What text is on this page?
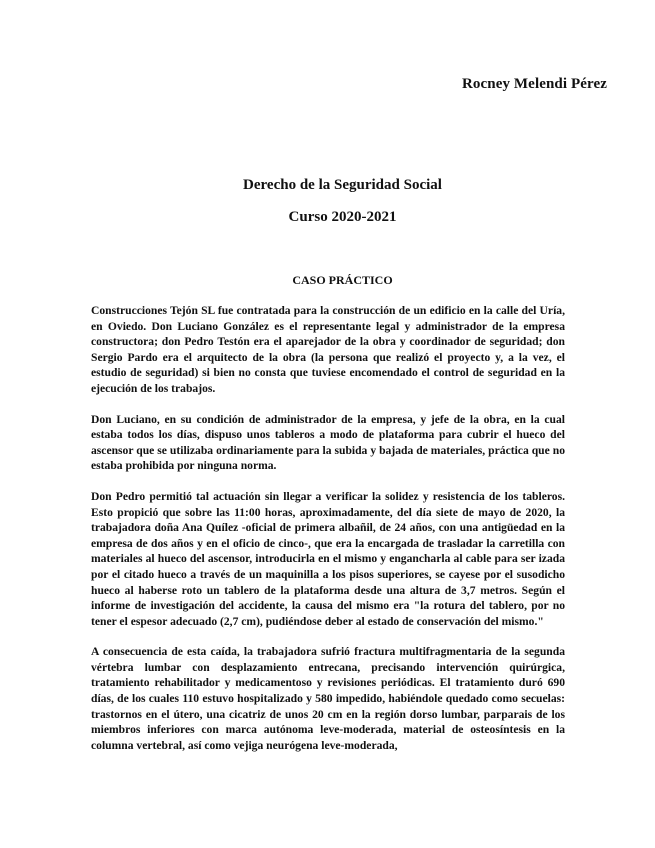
Rocney Melendi Pérez
Derecho de la Seguridad Social
Curso 2020-2021
CASO PRÁCTICO

Construcciones Tejón SL fue contratada para la construcción de un edificio en la calle del Uría, en Oviedo. Don Luciano González es el representante legal y administrador de la empresa constructora; don Pedro Testón era el aparejador de la obra y coordinador de seguridad; don Sergio Pardo era el arquitecto de la obra (la persona que realizó el proyecto y, a la vez, el estudio de seguridad) si bien no consta que tuviese encomendado el control de seguridad en la ejecución de los trabajos.

Don Luciano, en su condición de administrador de la empresa, y jefe de la obra, en la cual estaba todos los días, dispuso unos tableros a modo de plataforma para cubrir el hueco del ascensor que se utilizaba ordinariamente para la subida y bajada de materiales, práctica que no estaba prohibida por ninguna norma.

Don Pedro permitió tal actuación sin llegar a verificar la solidez y resistencia de los tableros. Esto propició que sobre las 11:00 horas, aproximadamente, del día siete de mayo de 2020, la trabajadora doña Ana Quílez -oficial de primera albañil, de 24 años, con una antigüedad en la empresa de dos años y en el oficio de cinco-, que era la encargada de trasladar la carretilla con materiales al hueco del ascensor, introducirla en el mismo y engancharla al cable para ser izada por el citado hueco a través de un maquinilla a los pisos superiores, se cayese por el susodicho hueco al haberse roto un tablero de la plataforma desde una altura de 3,7 metros. Según el informe de investigación del accidente, la causa del mismo era "la rotura del tablero, por no tener el espesor adecuado (2,7 cm), pudiéndose deber al estado de conservación del mismo."

A consecuencia de esta caída, la trabajadora sufrió fractura multifragmentaria de la segunda vértebra lumbar con desplazamiento entrecana, precisando intervención quirúrgica, tratamiento rehabilitador y medicamentoso y revisiones periódicas. El tratamiento duró 690 días, de los cuales 110 estuvo hospitalizado y 580 impedido, habiéndole quedado como secuelas: trastornos en el útero, una cicatriz de unos 20 cm en la región dorso lumbar, parparais de los miembros inferiores con marca autónoma leve-moderada, material de osteosíntesis en la columna vertebral, así como vejiga neurógena leve-moderada,
